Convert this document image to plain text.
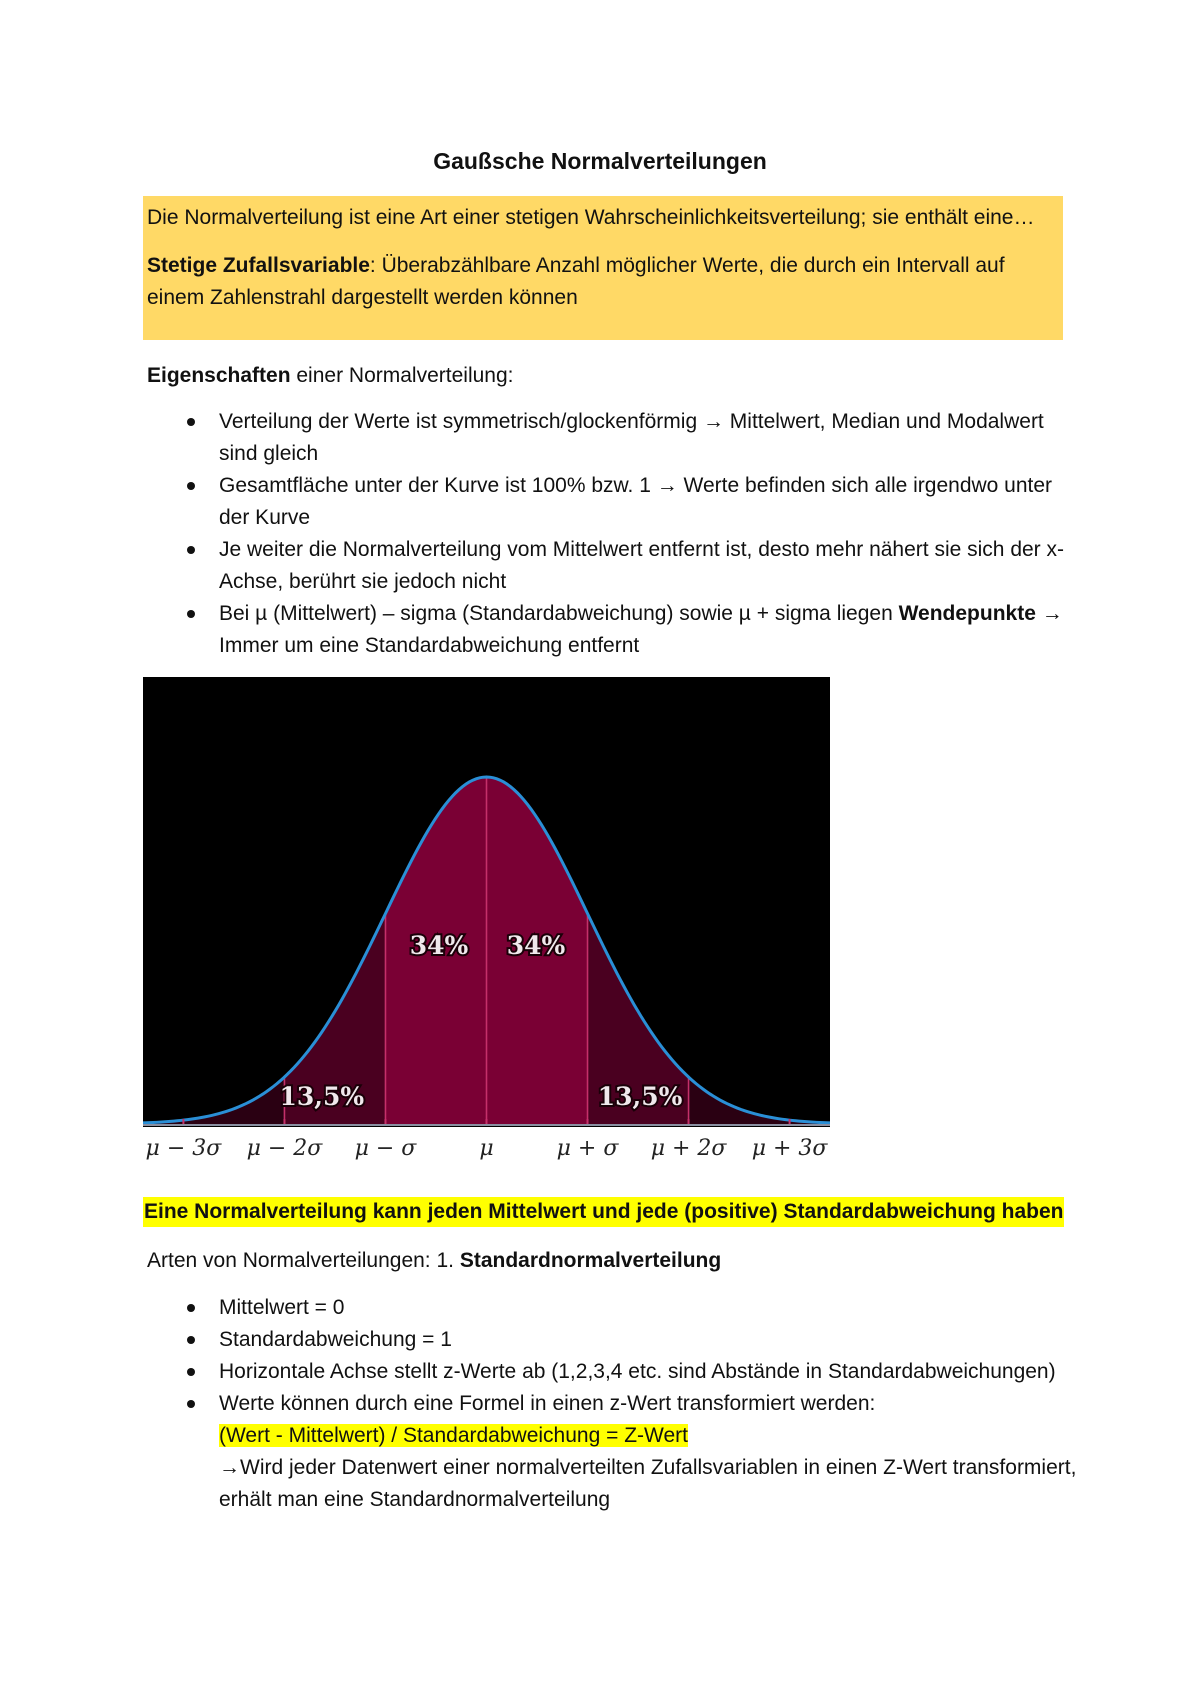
Gaußsche Normalverteilungen

Die Normalverteilung ist eine Art einer stetigen Wahrscheinlichkeitsverteilung; sie enthält eine…

Stetige Zufallsvariable: Überabzählbare Anzahl möglicher Werte, die durch ein Intervall auf einem Zahlenstrahl dargestellt werden können

Eigenschaften einer Normalverteilung:
Verteilung der Werte ist symmetrisch/glockenförmig → Mittelwert, Median und Modalwert sind gleich
Gesamtfläche unter der Kurve ist 100% bzw. 1 → Werte befinden sich alle irgendwo unter der Kurve
Je weiter die Normalverteilung vom Mittelwert entfernt ist, desto mehr nähert sie sich der x-Achse, berührt sie jedoch nicht
Bei µ (Mittelwert) – sigma (Standardabweichung) sowie µ + sigma liegen Wendepunkte → Immer um eine Standardabweichung entfernt
μ − 3σ μ − 2σ μ − σ	μ	μ + σ μ + 2σ μ + 3σ
13,5%
34% 34%
13,5%
Eine Normalverteilung kann jeden Mittelwert und jede (positive) Standardabweichung haben
Arten von Normalverteilungen: 1. Standardnormalverteilung
Mittelwert = 0
Standardabweichung = 1
Horizontale Achse stellt z-Werte ab (1,2,3,4 etc. sind Abstände in Standardabweichungen)
Werte können durch eine Formel in einen z-Wert transformiert werden:
(Wert - Mittelwert) / Standardabweichung = Z-Wert
→Wird jeder Datenwert einer normalverteilten Zufallsvariablen in einen Z-Wert transformiert, erhält man eine Standardnormalverteilung
